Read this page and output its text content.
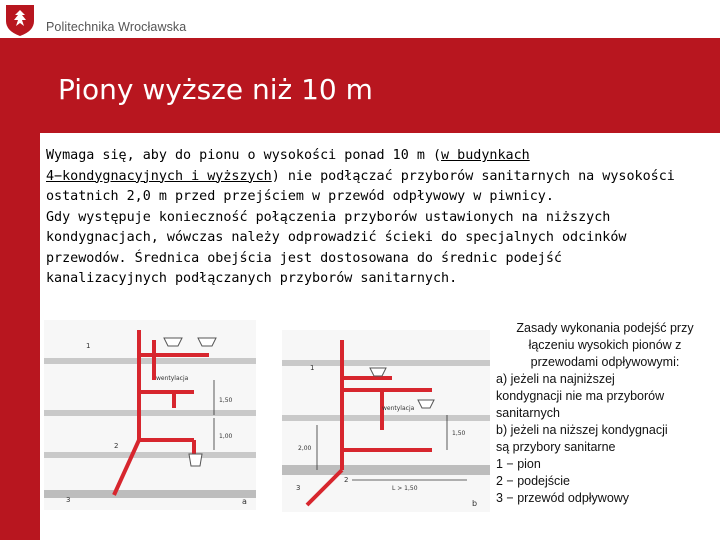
Politechnika Wrocławska
Piony wyższe niż 10 m

Wymaga się, aby do pionu o wysokości ponad 10 m (w budynkach
4−kondygnacyjnych i wyższych) nie podłączać przyborów sanitarnych na wysokości
ostatnich 2,0 m przed przejściem w przewód odpływowy w piwnicy.

Gdy występuje konieczność połączenia przyborów ustawionych na niższych
kondygnacjach, wówczas należy odprowadzić ścieki do specjalnych odcinków
przewodów. Średnica obejścia jest dostosowana do średnic podejść
kanalizacyjnych podłączanych przyborów sanitarnych.

1
2
3
wentylacja
1,50
1,00
a
1
2
3
wentylacja
1,50
2,00
L > 1,50
b
Zasady wykonania podejść przy
łączeniu wysokich pionów z
przewodami odpływowymi:
a) jeżeli na najniższej
kondygnacji nie ma przyborów
sanitarnych
b) jeżeli na niższej kondygnacji
są przybory sanitarne
1 − pion
2 − podejście
3 − przewód odpływowy
